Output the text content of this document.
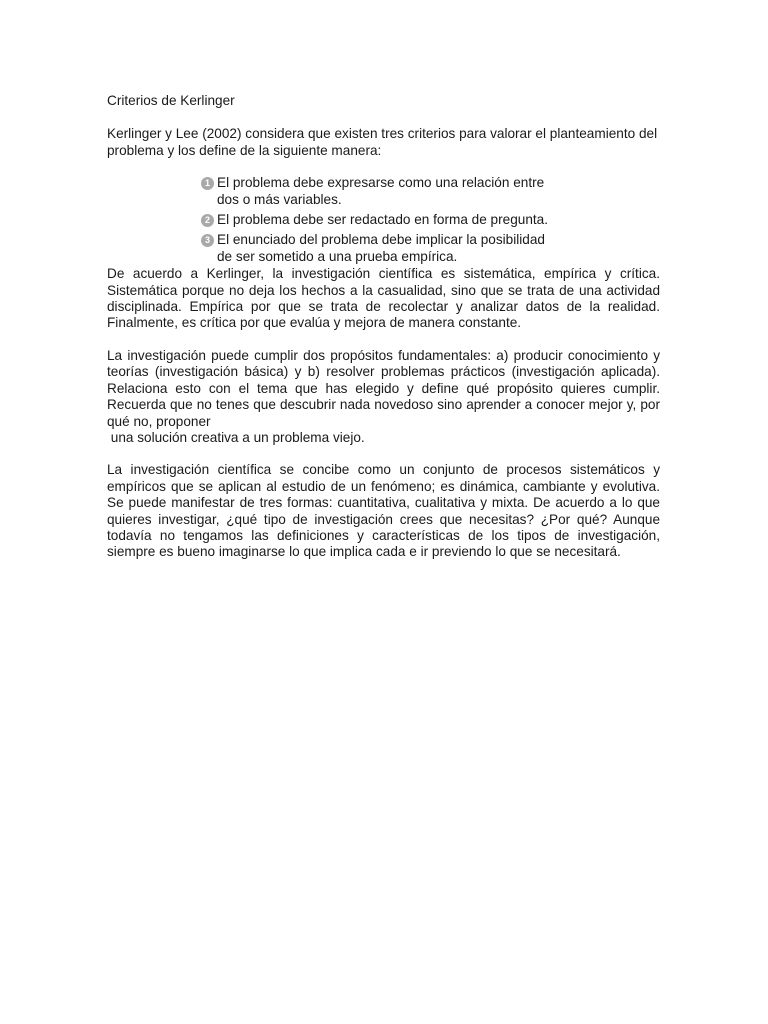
Criterios de Kerlinger

Kerlinger y Lee (2002) considera que existen tres criterios para valorar el planteamiento del problema y los define de la siguiente manera:

1 El problema debe expresarse como una relación entre dos o más variables.
2 El problema debe ser redactado en forma de pregunta.
3 El enunciado del problema debe implicar la posibilidad de ser sometido a una prueba empírica.

De acuerdo a Kerlinger, la investigación científica es sistemática, empírica y crítica. Sistemática porque no deja los hechos a la casualidad, sino que se trata de una actividad disciplinada. Empírica por que se trata de recolectar y analizar datos de la realidad. Finalmente, es crítica por que evalúa y mejora de manera constante.

La investigación puede cumplir dos propósitos fundamentales: a) producir conocimiento y teorías (investigación básica) y b) resolver problemas prácticos (investigación aplicada). Relaciona esto con el tema que has elegido y define qué propósito quieres cumplir. Recuerda que no tenes que descubrir nada novedoso sino aprender a conocer mejor y, por qué no, proponer
una solución creativa a un problema viejo.

La investigación científica se concibe como un conjunto de procesos sistemáticos y empíricos que se aplican al estudio de un fenómeno; es dinámica, cambiante y evolutiva. Se puede manifestar de tres formas: cuantitativa, cualitativa y mixta. De acuerdo a lo que quieres investigar, ¿qué tipo de investigación crees que necesitas? ¿Por qué? Aunque todavía no tengamos las definiciones y características de los tipos de investigación, siempre es bueno imaginarse lo que implica cada e ir previendo lo que se necesitará.
